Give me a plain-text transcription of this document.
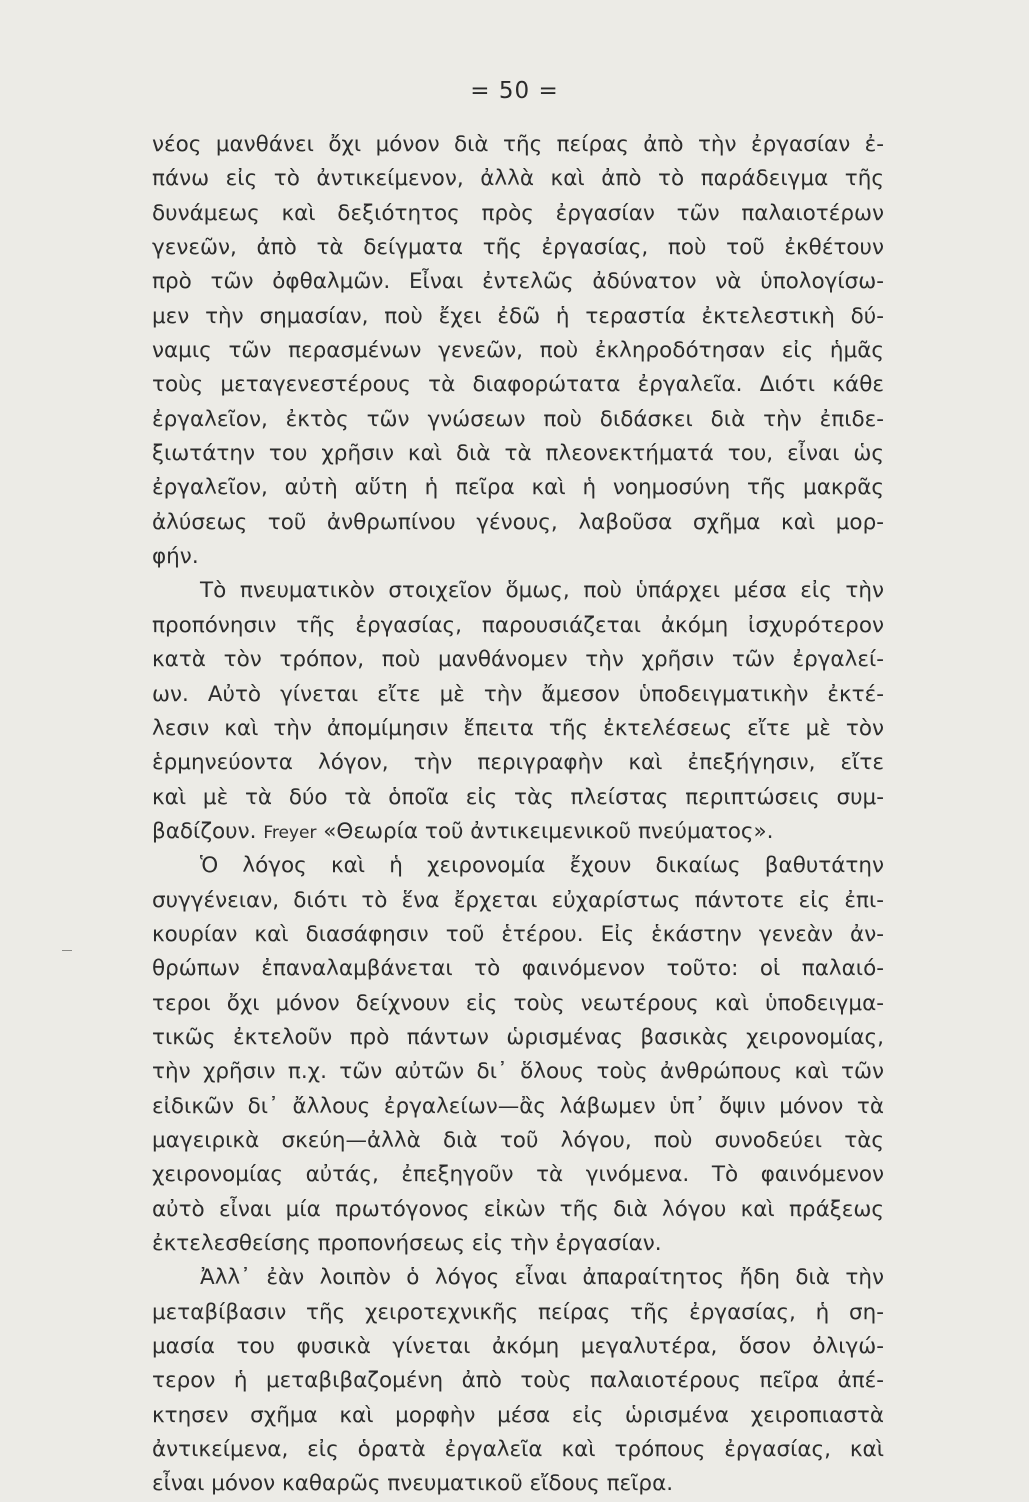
= 50 =
νέος μανθάνει ὄχι μόνον διὰ τῆς πείρας ἀπὸ τὴν ἐργασίαν ἐ-
πάνω εἰς τὸ ἀντικείμενον, ἀλλὰ καὶ ἀπὸ τὸ παράδειγμα τῆς
δυνάμεως καὶ δεξιότητος πρὸς ἐργασίαν τῶν παλαιοτέρων
γενεῶν, ἀπὸ τὰ δείγματα τῆς ἐργασίας, ποὺ τοῦ ἐκθέτουν
πρὸ τῶν ὀφθαλμῶν. Εἶναι ἐντελῶς ἀδύνατον νὰ ὑπολογίσω-
μεν τὴν σημασίαν, ποὺ ἔχει ἐδῶ ἡ τεραστία ἐκτελεστικὴ δύ-
ναμις τῶν περασμένων γενεῶν, ποὺ ἐκληροδότησαν εἰς ἡμᾶς
τοὺς μεταγενεστέρους τὰ διαφορώτατα ἐργαλεῖα. Διότι κάθε
ἐργαλεῖον, ἐκτὸς τῶν γνώσεων ποὺ διδάσκει διὰ τὴν ἐπιδε-
ξιωτάτην του χρῆσιν καὶ διὰ τὰ πλεονεκτήματά του, εἶναι ὡς
ἐργαλεῖον, αὐτὴ αὕτη ἡ πεῖρα καὶ ἡ νοημοσύνη τῆς μακρᾶς
ἀλύσεως τοῦ ἀνθρωπίνου γένους, λαβοῦσα σχῆμα καὶ μορ-
φήν.
Τὸ πνευματικὸν στοιχεῖον ὅμως, ποὺ ὑπάρχει μέσα εἰς τὴν
προπόνησιν τῆς ἐργασίας, παρουσιάζεται ἀκόμη ἰσχυρότερον
κατὰ τὸν τρόπον, ποὺ μανθάνομεν τὴν χρῆσιν τῶν ἐργαλεί-
ων. Αὐτὸ γίνεται εἴτε μὲ τὴν ἄμεσον ὑποδειγματικὴν ἐκτέ-
λεσιν καὶ τὴν ἀπομίμησιν ἔπειτα τῆς ἐκτελέσεως εἴτε μὲ τὸν
ἑρμηνεύοντα λόγον, τὴν περιγραφὴν καὶ ἐπεξήγησιν, εἴτε
καὶ μὲ τὰ δύο τὰ ὁποῖα εἰς τὰς πλείστας περιπτώσεις συμ-
βαδίζουν. Freyer «Θεωρία τοῦ ἀντικειμενικοῦ πνεύματος».
Ὁ λόγος καὶ ἡ χειρονομία ἔχουν δικαίως βαθυτάτην
συγγένειαν, διότι τὸ ἕνα ἔρχεται εὐχαρίστως πάντοτε εἰς ἐπι-
κουρίαν καὶ διασάφησιν τοῦ ἑτέρου. Εἰς ἑκάστην γενεὰν ἀν-
θρώπων ἐπαναλαμβάνεται τὸ φαινόμενον τοῦτο: οἱ παλαιό-
τεροι ὄχι μόνον δείχνουν εἰς τοὺς νεωτέρους καὶ ὑποδειγμα-
τικῶς ἐκτελοῦν πρὸ πάντων ὡρισμένας βασικὰς χειρονομίας,
τὴν χρῆσιν π.χ. τῶν αὐτῶν δι᾽ ὅλους τοὺς ἀνθρώπους καὶ τῶν
εἰδικῶν δι᾽ ἄλλους ἐργαλείων—ἂς λάβωμεν ὑπ᾽ ὄψιν μόνον τὰ
μαγειρικὰ σκεύη—ἀλλὰ διὰ τοῦ λόγου, ποὺ συνοδεύει τὰς
χειρονομίας αὐτάς, ἐπεξηγοῦν τὰ γινόμενα. Τὸ φαινόμενον
αὐτὸ εἶναι μία πρωτόγονος εἰκὼν τῆς διὰ λόγου καὶ πράξεως
ἐκτελεσθείσης προπονήσεως εἰς τὴν ἐργασίαν.
Ἀλλ᾽ ἐὰν λοιπὸν ὁ λόγος εἶναι ἀπαραίτητος ἤδη διὰ τὴν
μεταβίβασιν τῆς χειροτεχνικῆς πείρας τῆς ἐργασίας, ἡ ση-
μασία του φυσικὰ γίνεται ἀκόμη μεγαλυτέρα, ὅσον ὀλιγώ-
τερον ἡ μεταβιβαζομένη ἀπὸ τοὺς παλαιοτέρους πεῖρα ἀπέ-
κτησεν σχῆμα καὶ μορφὴν μέσα εἰς ὡρισμένα χειροπιαστὰ
ἀντικείμενα, εἰς ὁρατὰ ἐργαλεῖα καὶ τρόπους ἐργασίας, καὶ
εἶναι μόνον καθαρῶς πνευματικοῦ εἴδους πεῖρα.
